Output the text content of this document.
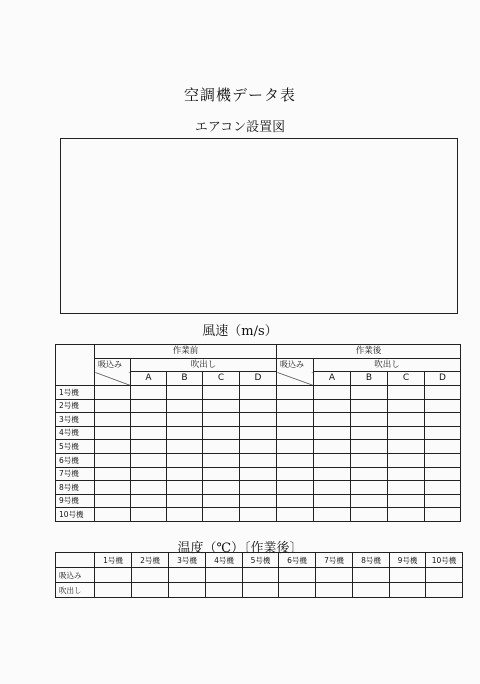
空調機データ表
エアコン設置図
風速（m/s）
	作業前					作業後				
	吸込み	吹出し				吸込み	吹出し			
		A	B	C	D		A	B	C	D
1号機										
2号機										
3号機										
4号機										
5号機										
6号機										
7号機										
8号機										
9号機										
10号機										
温度（℃）〔作業後〕
	1号機	2号機	3号機	4号機	5号機	6号機	7号機	8号機	9号機	10号機
吸込み										
吹出し										
